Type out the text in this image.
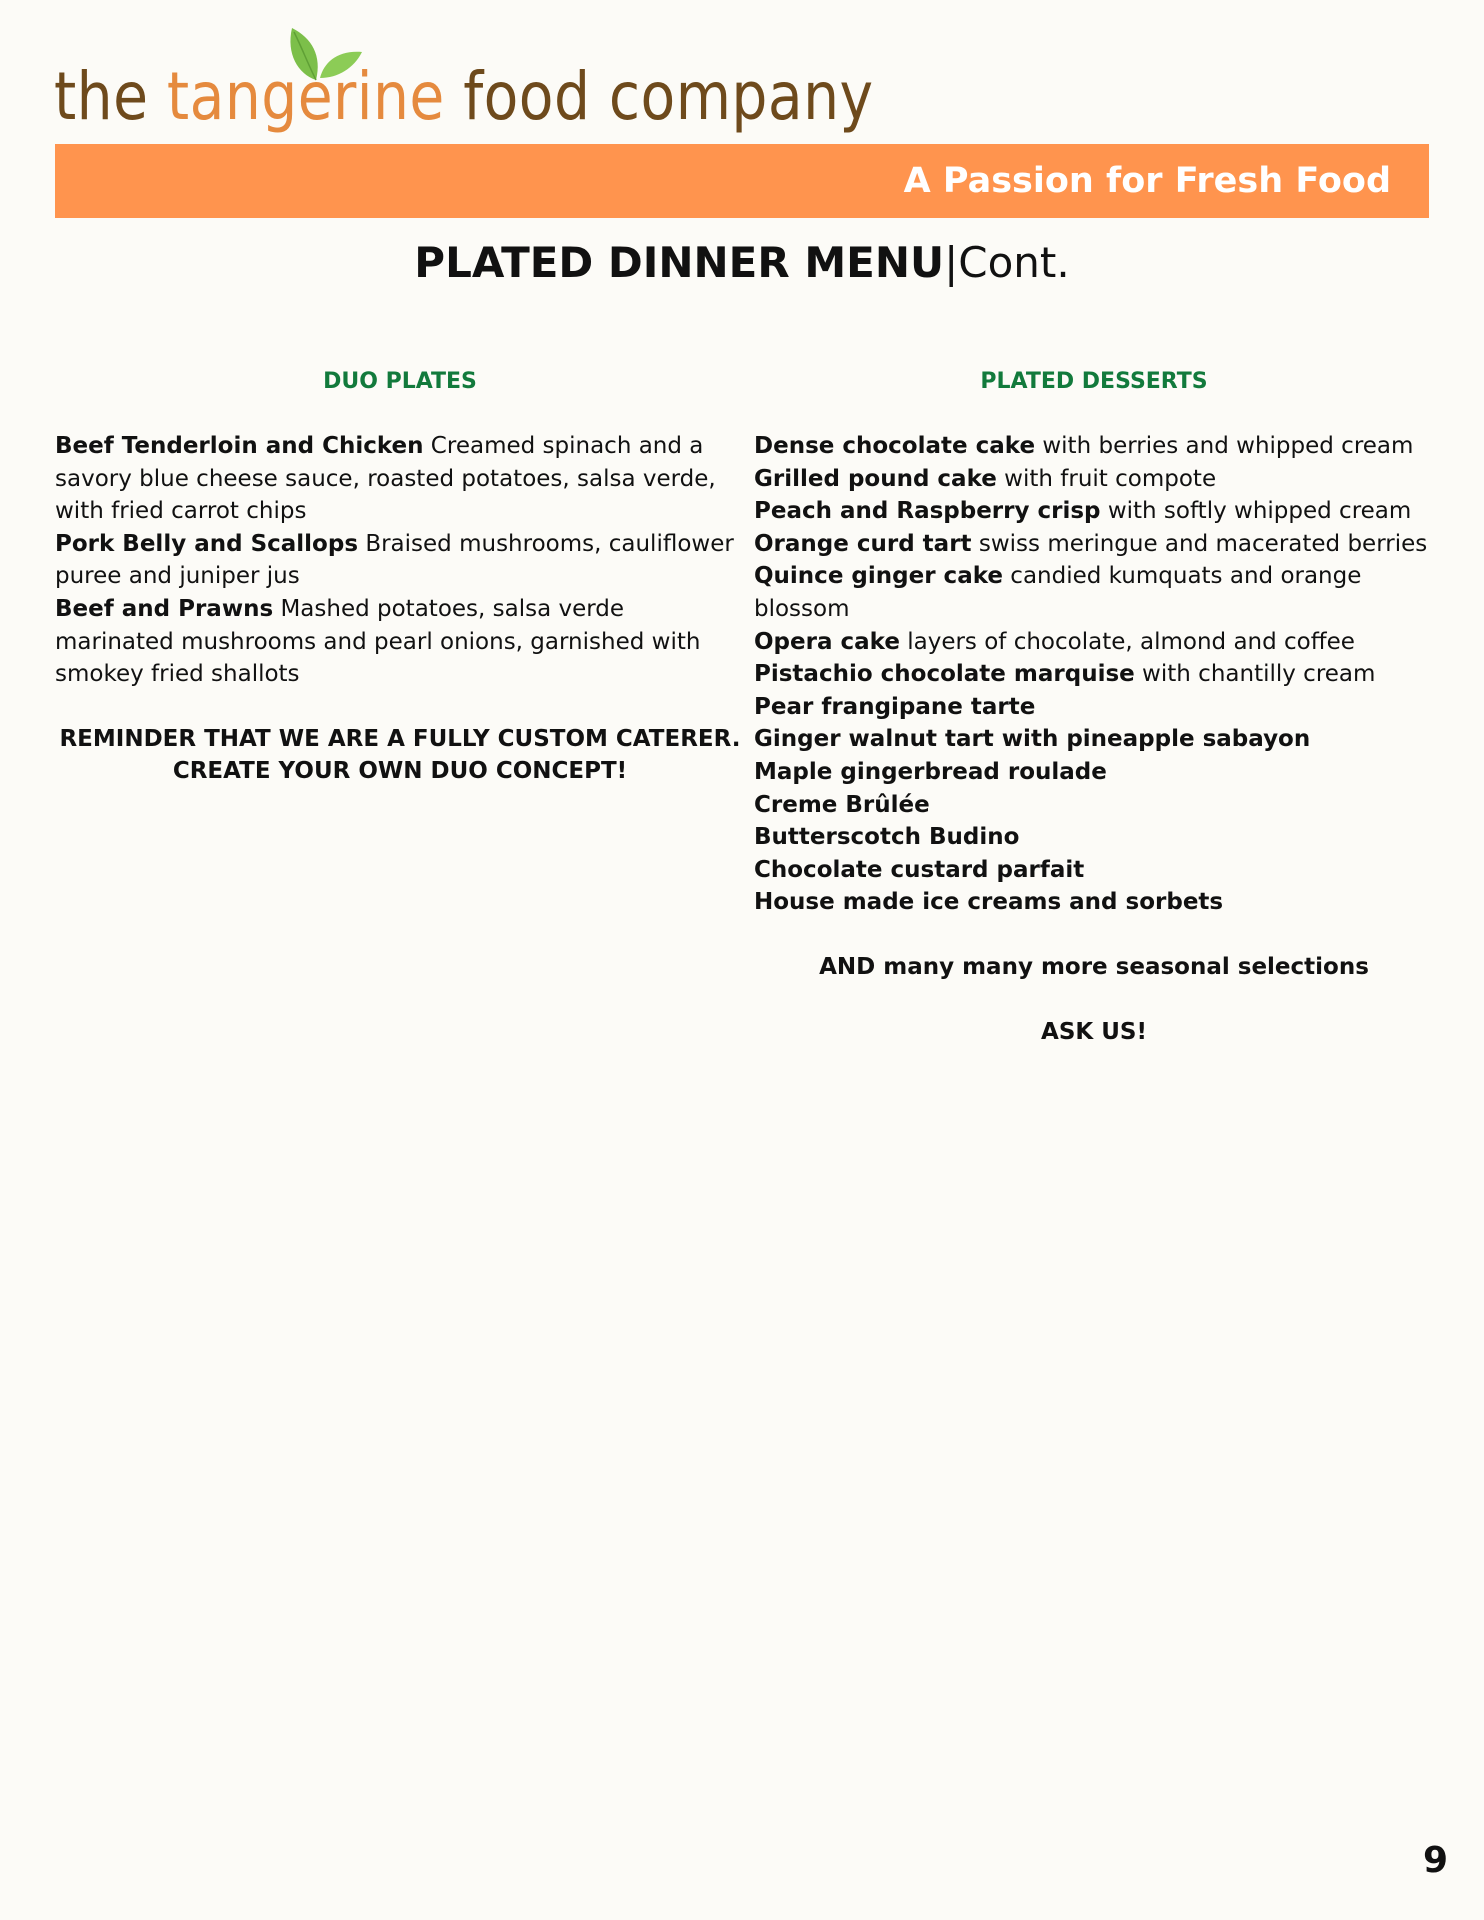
the tangerine food company
A Passion for Fresh Food
PLATED DINNER MENU|Cont.
DUO PLATES

Beef Tenderloin and Chicken Creamed spinach and a savory blue cheese sauce, roasted potatoes, salsa verde, with fried carrot chips

Pork Belly and Scallops Braised mushrooms, cauliflower puree and juniper jus

Beef and Prawns Mashed potatoes, salsa verde marinated mushrooms and pearl onions, garnished with smokey fried shallots

REMINDER THAT WE ARE A FULLY CUSTOM CATERER.
CREATE YOUR OWN DUO CONCEPT!
PLATED DESSERTS

Dense chocolate cake with berries and whipped cream

Grilled pound cake with fruit compote

Peach and Raspberry crisp with softly whipped cream

Orange curd tart swiss meringue and macerated berries

Quince ginger cake candied kumquats and orange blossom

Opera cake layers of chocolate, almond and coffee

Pistachio chocolate marquise with chantilly cream

Pear frangipane tarte

Ginger walnut tart with pineapple sabayon

Maple gingerbread roulade

Creme Brûlée

Butterscotch Budino

Chocolate custard parfait

House made ice creams and sorbets

AND many many more seasonal selections
ASK US!
9
